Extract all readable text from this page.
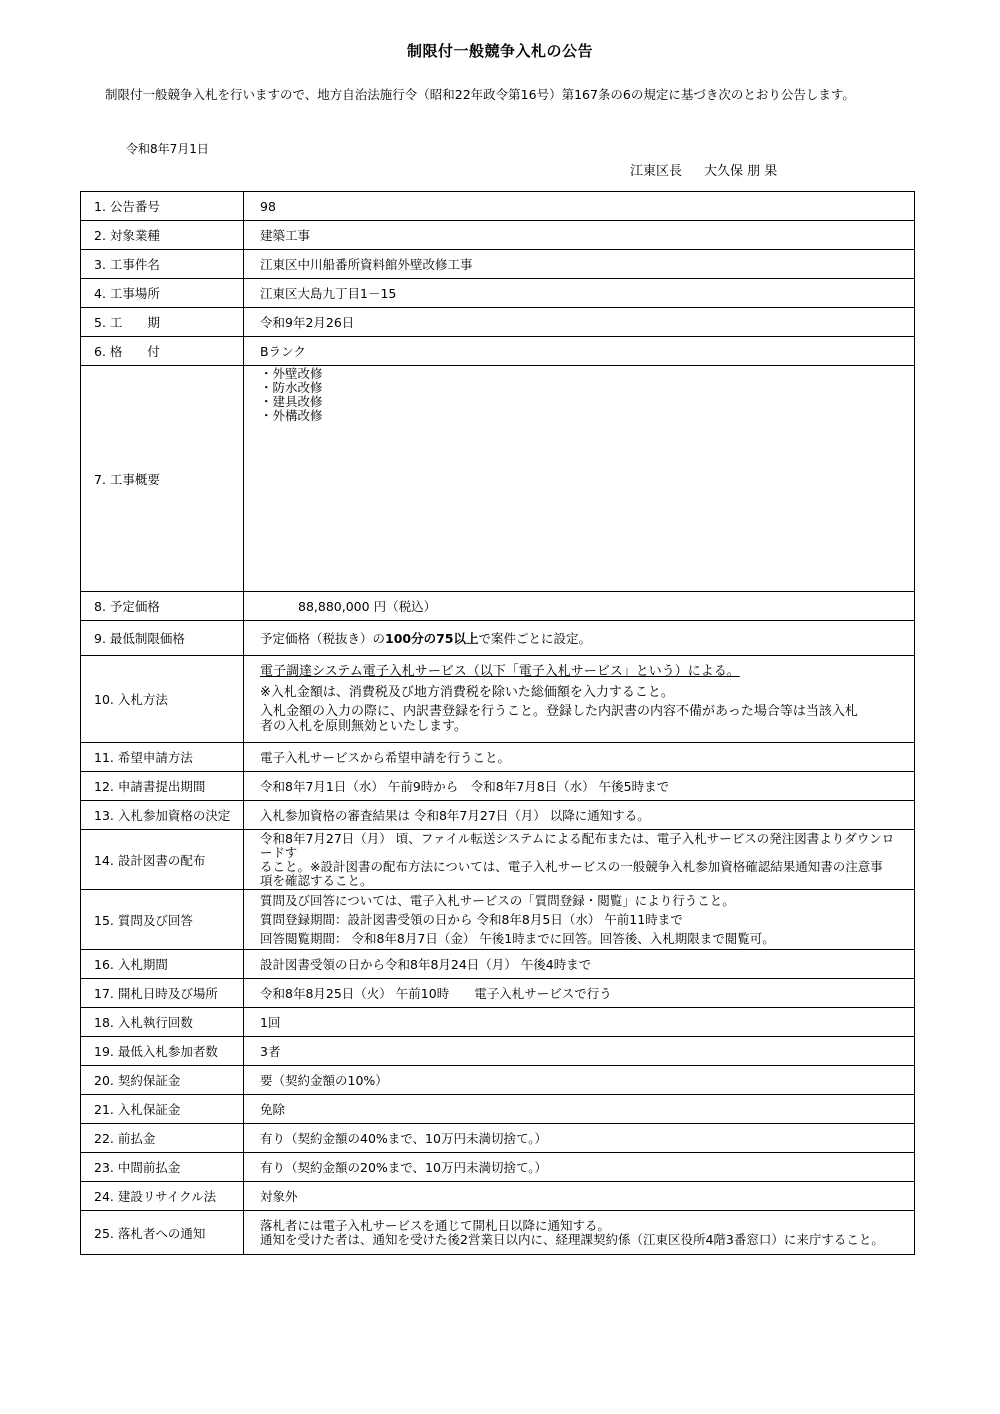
制限付一般競争入札の公告
制限付一般競争入札を行いますので、地方自治法施行令（昭和22年政令第16号）第167条の6の規定に基づき次のとおり公告します。
令和8年7月1日
江東区長 大久保 朋 果
1. 公告番号	98
2. 対象業種	建築工事
3. 工事件名	江東区中川船番所資料館外壁改修工事
4. 工事場所	江東区大島九丁目1－15
5. 工　　期	令和9年2月26日
6. 格　　付	Bランク
7. 工事概要	・外壁改修
・防水改修
・建具改修
・外構改修

8. 予定価格	88,880,000 円（税込）
9. 最低制限価格	予定価格（税抜き）の100分の75以上で案件ごとに設定。
10. 入札方法	電子調達システム電子入札サービス（以下「電子入札サービス」という）による。
※入札金額は、消費税及び地方消費税を除いた総価額を入力すること。
入札金額の入力の際に、内訳書登録を行うこと。登録した内訳書の内容不備があった場合等は当該入札
者の入札を原則無効といたします。

11. 希望申請方法	電子入札サービスから希望申請を行うこと。
12. 申請書提出期間	令和8年7月1日（水） 午前9時から　令和8年7月8日（水） 午後5時まで
13. 入札参加資格の決定	入札参加資格の審査結果は 令和8年7月27日（月） 以降に通知する。
14. 設計図書の配布	令和8年7月27日（月） 頃、ファイル転送システムによる配布または、電子入札サービスの発注図書よりダウンロードす
ること。※設計図書の配布方法については、電子入札サービスの一般競争入札参加資格確認結果通知書の注意事
項を確認すること。

15. 質問及び回答	質問及び回答については、電子入札サービスの「質問登録・閲覧」により行うこと。
質問登録期間：設計図書受領の日から 令和8年8月5日（水） 午前11時まで
回答閲覧期間： 令和8年8月7日（金） 午後1時までに回答。回答後、入札期限まで閲覧可。

16. 入札期間	設計図書受領の日から令和8年8月24日（月） 午後4時まで
17. 開札日時及び場所	令和8年8月25日（火） 午前10時　　電子入札サービスで行う
18. 入札執行回数	1回
19. 最低入札参加者数	3者
20. 契約保証金	要（契約金額の10%）
21. 入札保証金	免除
22. 前払金	有り（契約金額の40%まで、10万円未満切捨て。）
23. 中間前払金	有り（契約金額の20%まで、10万円未満切捨て。）
24. 建設リサイクル法	対象外
25. 落札者への通知	落札者には電子入札サービスを通じて開札日以降に通知する。
通知を受けた者は、通知を受けた後2営業日以内に、経理課契約係（江東区役所4階3番窓口）に来庁すること。
